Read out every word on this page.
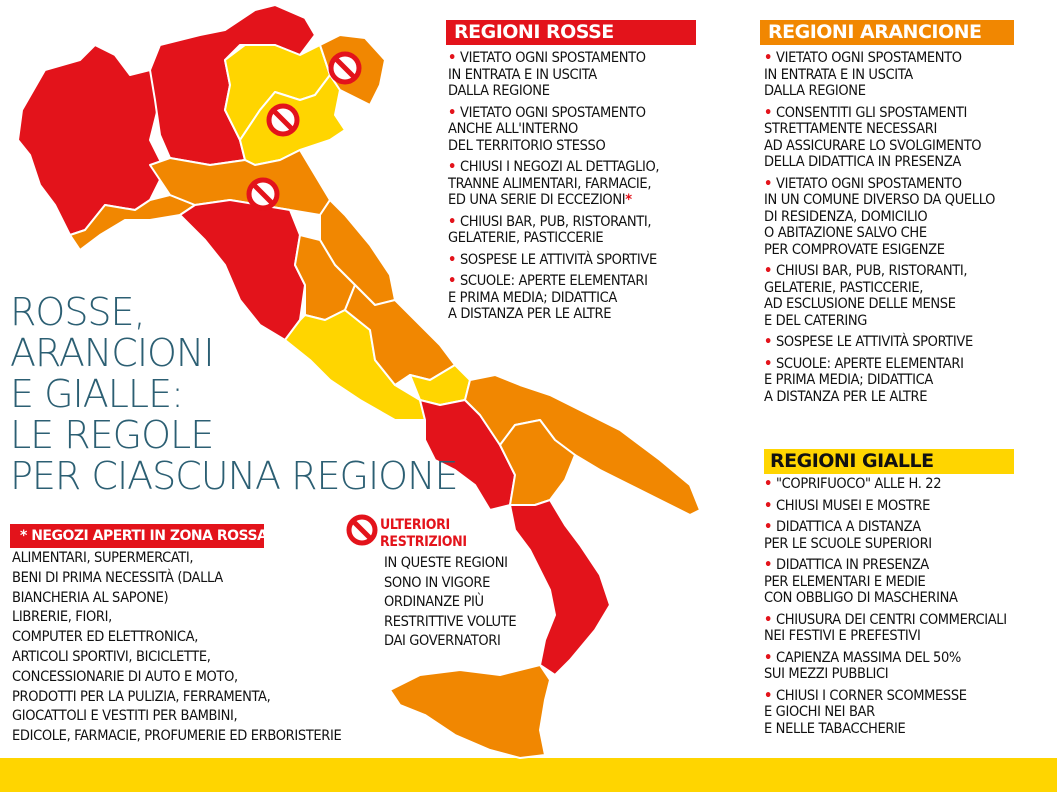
ROSSE,
ARANCIONI
E GIALLE:
LE REGOLE
PER CIASCUNA REGIONE
REGIONI ROSSE
• VIETATO OGNI SPOSTAMENTO
IN ENTRATA E IN USCITA
DALLA REGIONE
• VIETATO OGNI SPOSTAMENTO
ANCHE ALL'INTERNO
DEL TERRITORIO STESSO
• CHIUSI I NEGOZI AL DETTAGLIO,
TRANNE ALIMENTARI, FARMACIE,
ED UNA SERIE DI ECCEZIONI*
• CHIUSI BAR, PUB, RISTORANTI,
GELATERIE, PASTICCERIE
• SOSPESE LE ATTIVITÀ SPORTIVE
• SCUOLE: APERTE ELEMENTARI
E PRIMA MEDIA; DIDATTICA
A DISTANZA PER LE ALTRE
REGIONI ARANCIONE
• VIETATO OGNI SPOSTAMENTO
IN ENTRATA E IN USCITA
DALLA REGIONE
• CONSENTITI GLI SPOSTAMENTI
STRETTAMENTE NECESSARI
AD ASSICURARE LO SVOLGIMENTO
DELLA DIDATTICA IN PRESENZA
• VIETATO OGNI SPOSTAMENTO
IN UN COMUNE DIVERSO DA QUELLO
DI RESIDENZA, DOMICILIO
O ABITAZIONE SALVO CHE
PER COMPROVATE ESIGENZE
• CHIUSI BAR, PUB, RISTORANTI,
GELATERIE, PASTICCERIE,
AD ESCLUSIONE DELLE MENSE
E DEL CATERING
• SOSPESE LE ATTIVITÀ SPORTIVE
• SCUOLE: APERTE ELEMENTARI
E PRIMA MEDIA; DIDATTICA
A DISTANZA PER LE ALTRE
REGIONI GIALLE
• "COPRIFUOCO" ALLE H. 22
• CHIUSI MUSEI E MOSTRE
• DIDATTICA A DISTANZA
PER LE SCUOLE SUPERIORI
• DIDATTICA IN PRESENZA
PER ELEMENTARI E MEDIE
CON OBBLIGO DI MASCHERINA
• CHIUSURA DEI CENTRI COMMERCIALI
NEI FESTIVI E PREFESTIVI
• CAPIENZA MASSIMA DEL 50%
SUI MEZZI PUBBLICI
• CHIUSI I CORNER SCOMMESSE
E GIOCHI NEI BAR
E NELLE TABACCHERIE
* NEGOZI APERTI IN ZONA ROSSA
ALIMENTARI, SUPERMERCATI,
BENI DI PRIMA NECESSITÀ (DALLA
BIANCHERIA AL SAPONE)
LIBRERIE, FIORI,
COMPUTER ED ELETTRONICA,
ARTICOLI SPORTIVI, BICICLETTE,
CONCESSIONARIE DI AUTO E MOTO,
PRODOTTI PER LA PULIZIA, FERRAMENTA,
GIOCATTOLI E VESTITI PER BAMBINI,
EDICOLE, FARMACIE, PROFUMERIE ED ERBORISTERIE
ULTERIORI
RESTRIZIONI
IN QUESTE REGIONI
SONO IN VIGORE
ORDINANZE PIÙ
RESTRITTIVE VOLUTE
DAI GOVERNATORI
